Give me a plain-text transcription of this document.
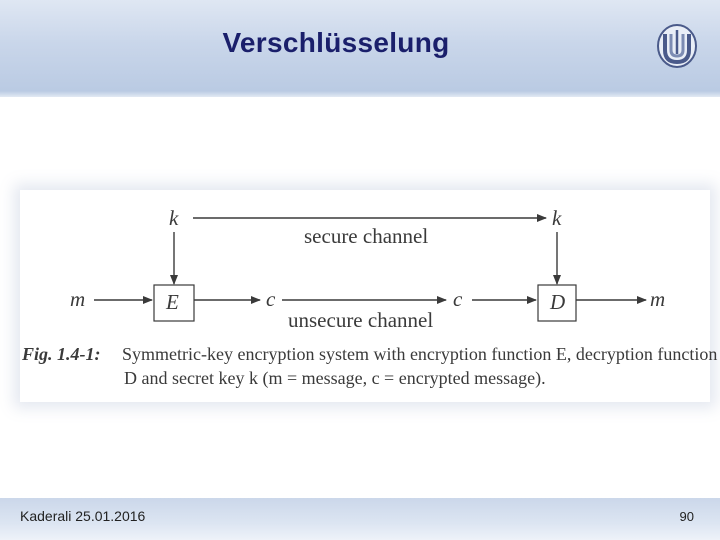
Verschlüsselung
k	k
secure channel
m	E	c
unsecure channel
c	D	m
Fig. 1.4-1: Symmetric-key encryption system with encryption function E, decryption function
D and secret key k (m = message, c = encrypted message).
Kaderali 25.01.2016	90
